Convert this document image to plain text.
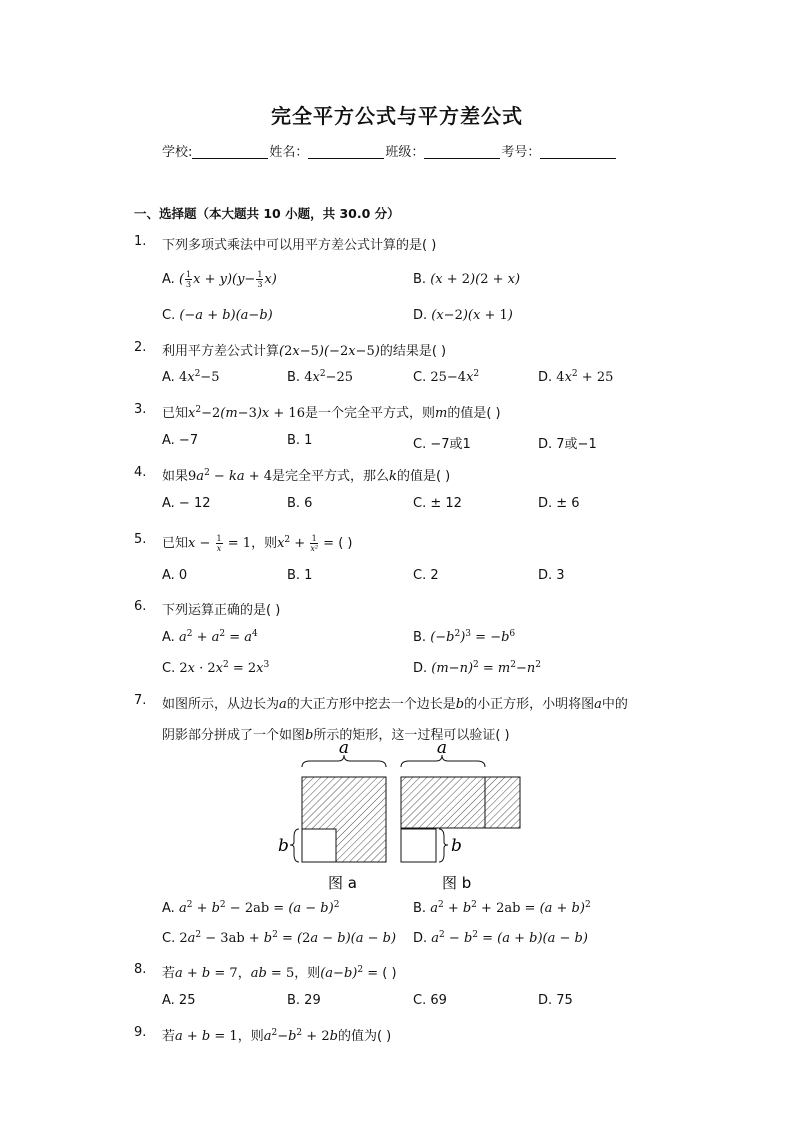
完全平方公式与平方差公式
学校:	姓名：	班级：	考号：
一、选择题（本大题共 10 小题，共 30.0 分）
1.	下列多项式乘法中可以用平方差公式计算的是( )
A. ( $\frac{1}{3}$ $x + y)(y- \frac{1}{3} x)$	B. (x + 2)(2 + x)
C. (−a + b)(a−b)	D. (x−2)(x + 1)
2.	利用平方差公式计算(2x−5)(−2x−5)的结果是( )
A. $4x^2-5$	B. $4x^2-25$	C. $25-4x^2$	D. $4x^2 + 25$
3.	已知$x^2-2(m-3)x + 16$是一个完全平方式，则m的值是( )
A. −7	B. 1	C. −7或1	D. 7或−1
4.	如果$9a^2$ − ka + 4是完全平方式，那么k的值是( )
A. − 12	B. 6	C. ± 12	D. ± 6
5.	已知$x - \frac{1}{x} = 1$，则$x^2 + \frac{1}{\text{x²}}$ = ( )
A. 0	B. 1	C. 2	D. 3
6.	下列运算正确的是( )
A. $a^2 + a^2 = a^4$	B. $(-b^2)^3 = -b^6$
C. $2x \cdot 2x^2 = 2x^3$	D. $(m-n)^2 = m^2-n^2$
7.	如图所示，从边长为a的大正方形中挖去一个边长是b的小正方形，小明将图a中的
阴影部分拼成了一个如图b所示的矩形，这一过程可以验证( )
a
b
图 a
a
b
图 b
A. $a^2 + b^2 - 2ab = (a - b)^2$	B. $a^2 + b^2 + 2ab = (a + b)^2$
C. $2a^2 - 3ab + b^2 = (2a - b)(a - b)$ D. $a^2 - b^2 = (a + b)(a - b)$
8.	若a + b = 7，ab = 5，则$(a-b)^2$ = ( )
A. 25	B. 29	C. 69	D. 75
9.	若a + b = 1，则$a^2-b^2 + 2b$的值为( )
